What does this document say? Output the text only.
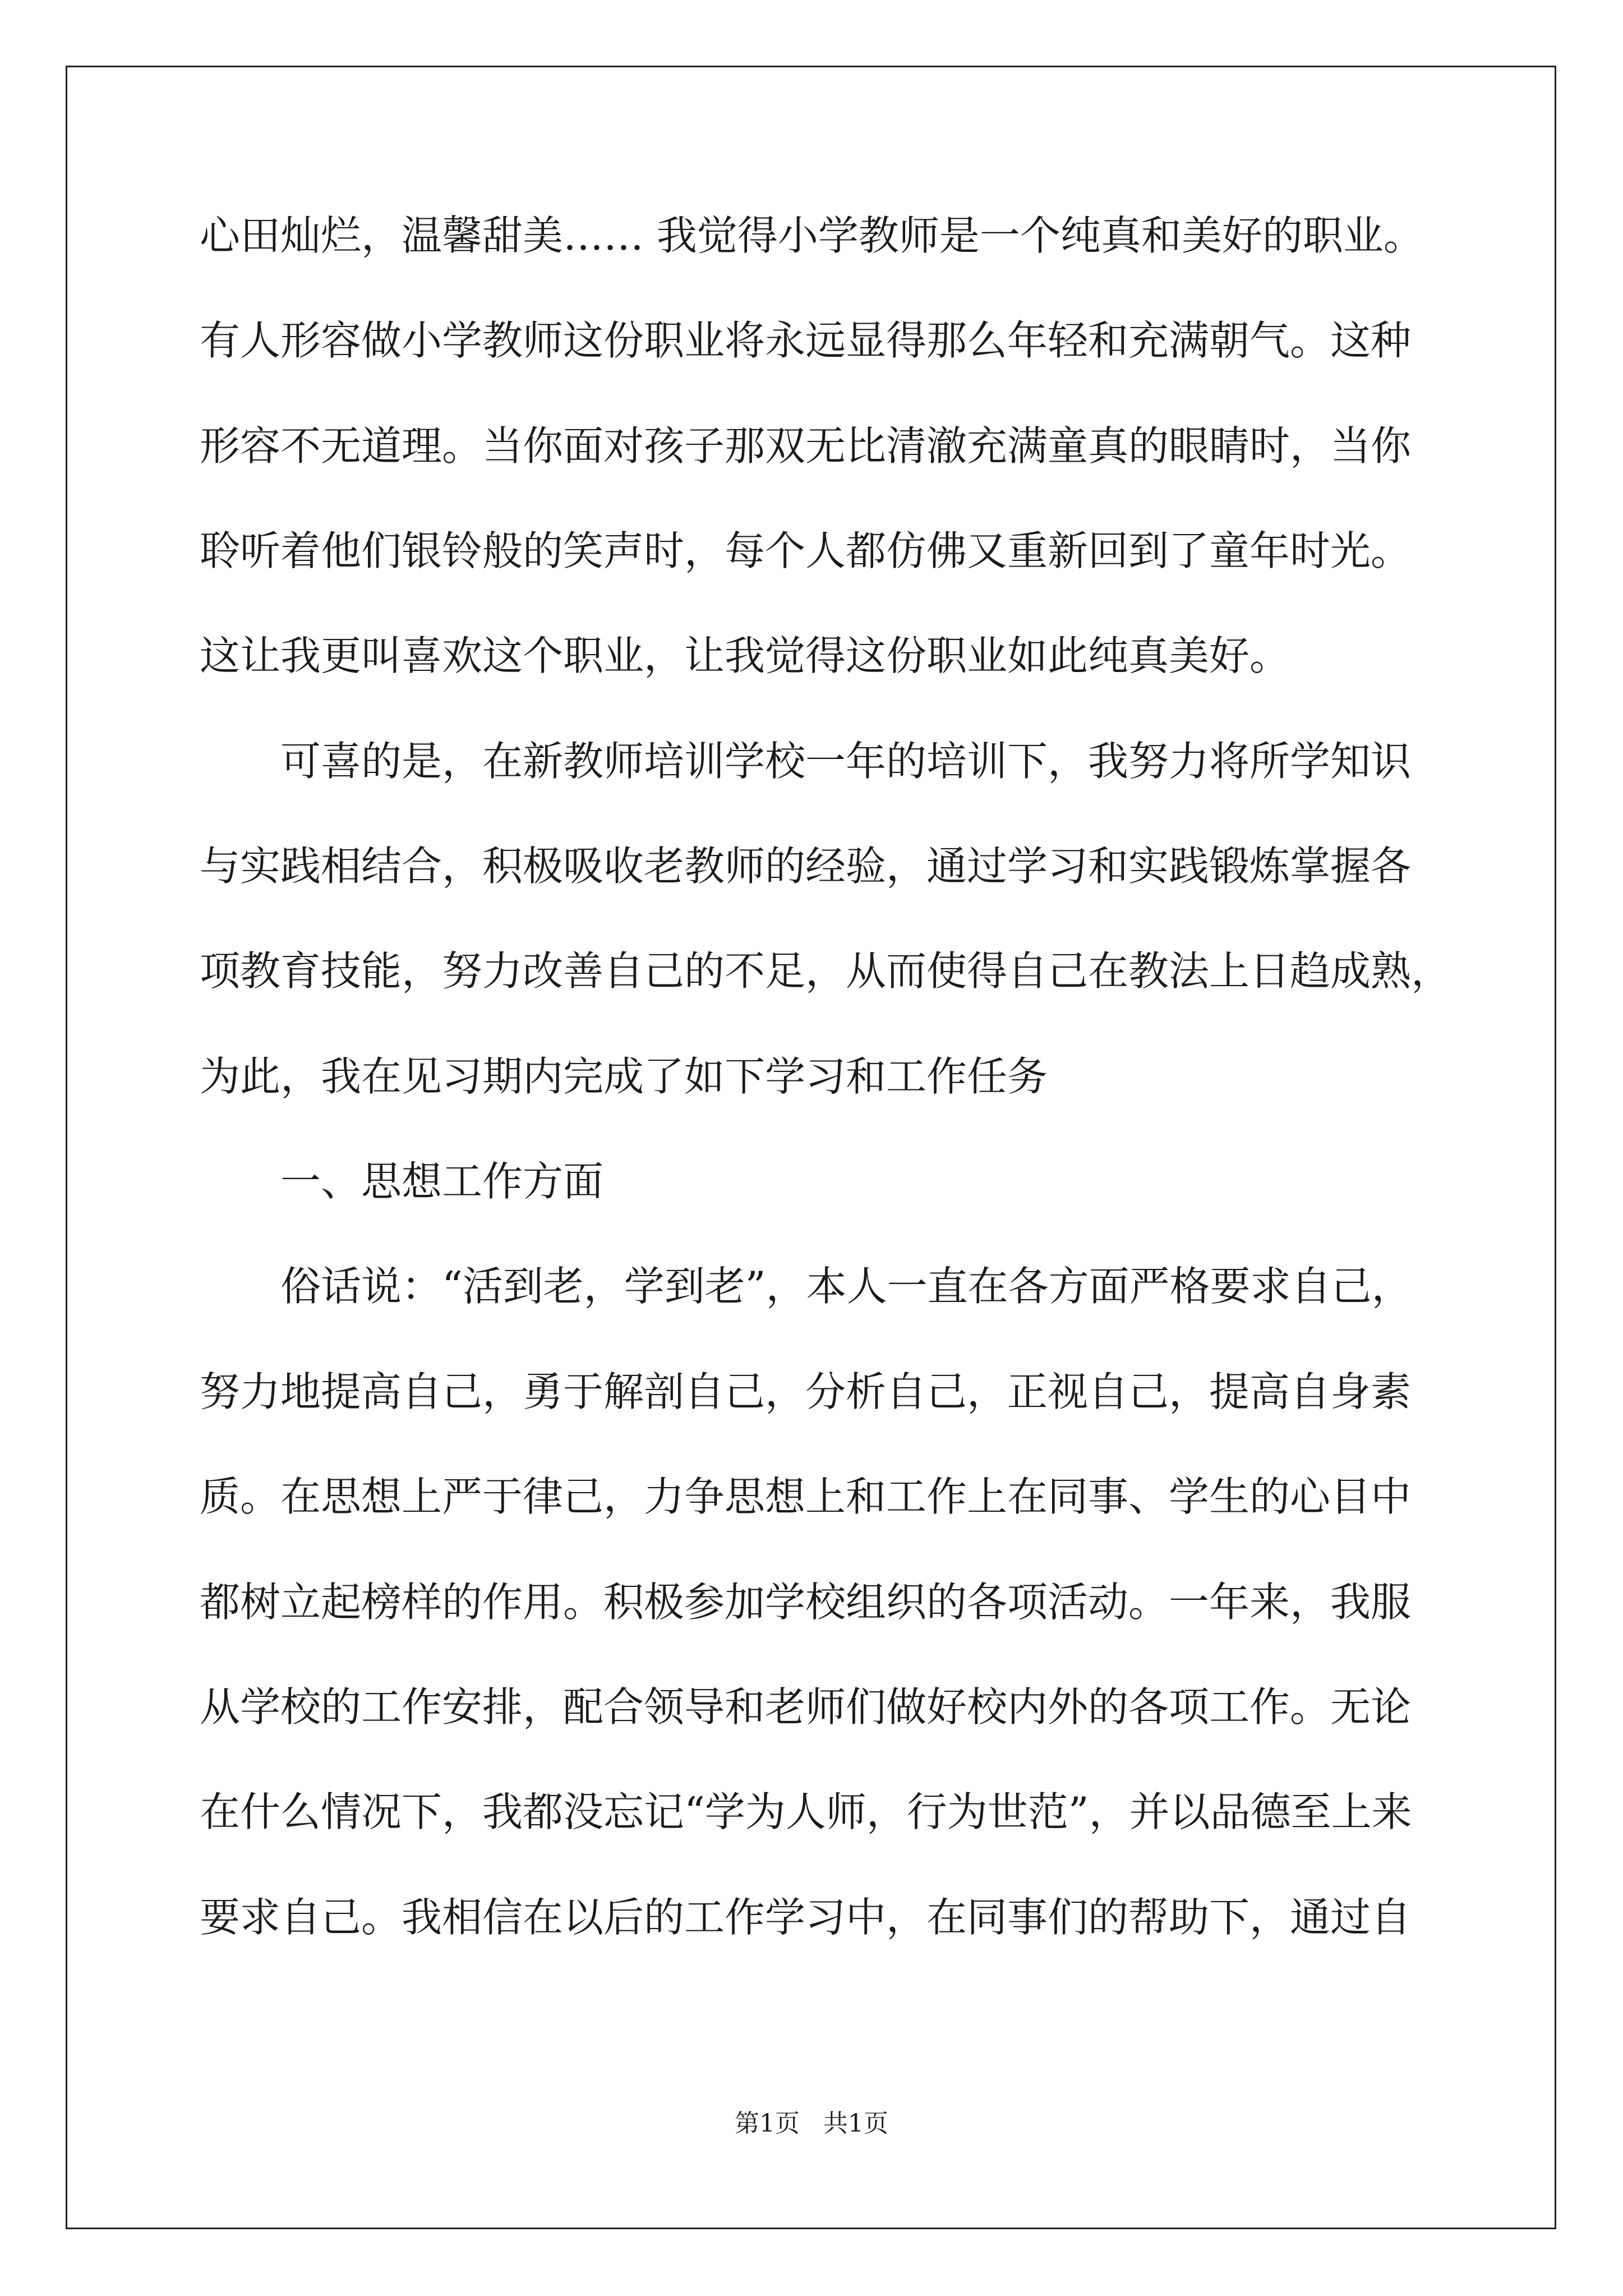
心田灿烂，温馨甜美…… 我觉得小学教师是一个纯真和美好的职业。
有人形容做小学教师这份职业将永远显得那么年轻和充满朝气。这种
形容不无道理。当你面对孩子那双无比清澈充满童真的眼睛时，当你
聆听着他们银铃般的笑声时，每个人都仿佛又重新回到了童年时光。
这让我更叫喜欢这个职业，让我觉得这份职业如此纯真美好。
可喜的是，在新教师培训学校一年的培训下，我努力将所学知识
与实践相结合，积极吸收老教师的经验，通过学习和实践锻炼掌握各
项教育技能，努力改善自己的不足，从而使得自己在教法上日趋成熟，
为此，我在见习期内完成了如下学习和工作任务
一、思想工作方面
俗话说：“活到老，学到老”，本人一直在各方面严格要求自己，
努力地提高自己，勇于解剖自己，分析自己，正视自己，提高自身素
质。在思想上严于律己，力争思想上和工作上在同事、学生的心目中
都树立起榜样的作用。积极参加学校组织的各项活动。一年来，我服
从学校的工作安排，配合领导和老师们做好校内外的各项工作。无论
在什么情况下，我都没忘记“学为人师，行为世范”，并以品德至上来
要求自己。我相信在以后的工作学习中，在同事们的帮助下，通过自
第1页   共1页
